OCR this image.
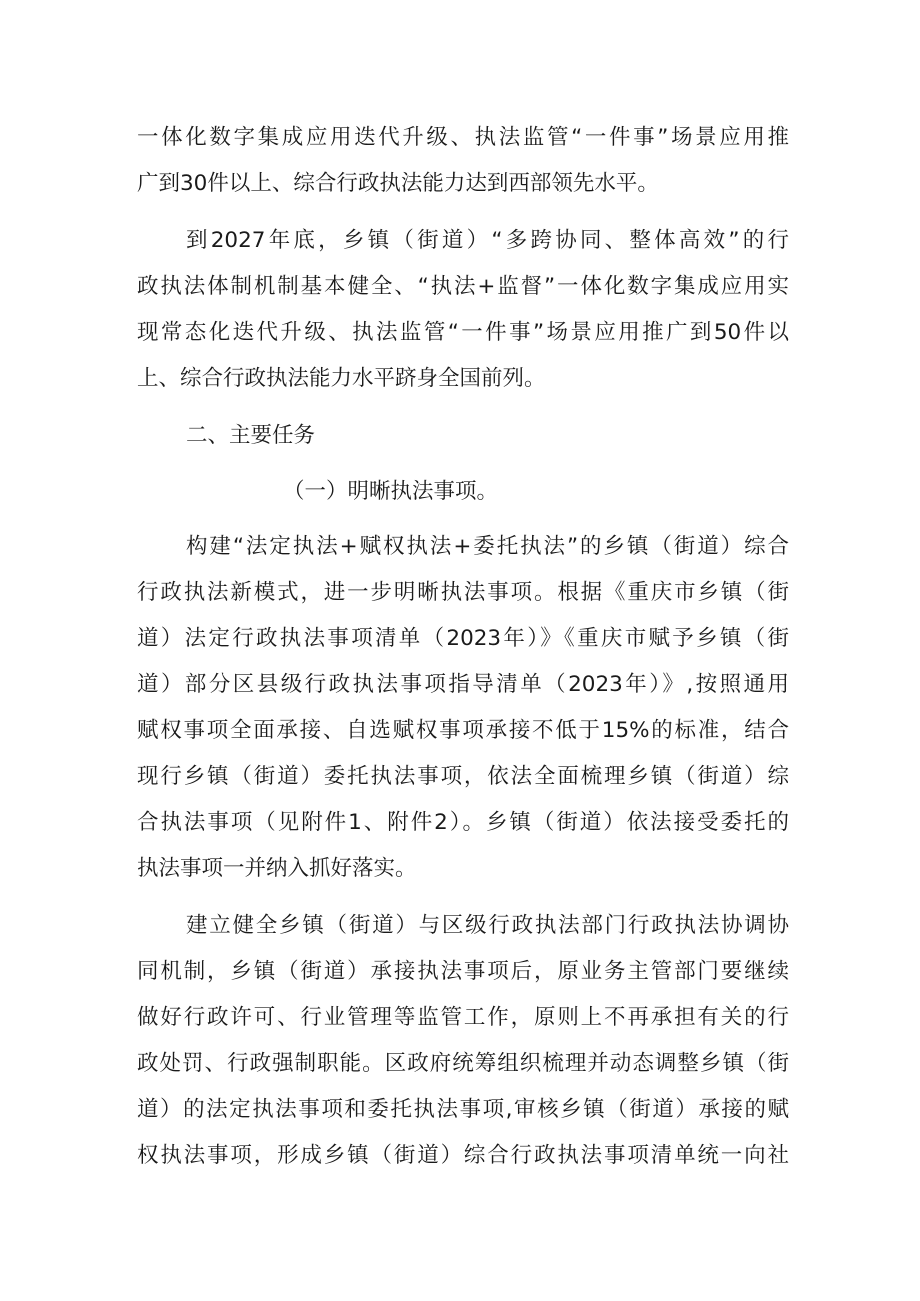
一体化数字集成应用迭代升级、执法监管“一件事”场景应用推
广到30件以上、综合行政执法能力达到西部领先水平。
到2027年底，乡镇（街道）“多跨协同、整体高效”的行
政执法体制机制基本健全、“执法+监督”一体化数字集成应用实
现常态化迭代升级、执法监管“一件事”场景应用推广到50件以
上、综合行政执法能力水平跻身全国前列。
二、主要任务
（一）明晰执法事项。
构建“法定执法+赋权执法+委托执法”的乡镇（街道）综合
行政执法新模式，进一步明晰执法事项。根据《重庆市乡镇（街
道）法定行政执法事项清单（2023年）》《重庆市赋予乡镇（街
道）部分区县级行政执法事项指导清单（2023年）》,按照通用
赋权事项全面承接、自选赋权事项承接不低于15%的标准，结合
现行乡镇（街道）委托执法事项，依法全面梳理乡镇（街道）综
合执法事项（见附件1、附件2）。乡镇（街道）依法接受委托的
执法事项一并纳入抓好落实。
建立健全乡镇（街道）与区级行政执法部门行政执法协调协
同机制，乡镇（街道）承接执法事项后，原业务主管部门要继续
做好行政许可、行业管理等监管工作，原则上不再承担有关的行
政处罚、行政强制职能。区政府统筹组织梳理并动态调整乡镇（街
道）的法定执法事项和委托执法事项,审核乡镇（街道）承接的赋
权执法事项，形成乡镇（街道）综合行政执法事项清单统一向社
